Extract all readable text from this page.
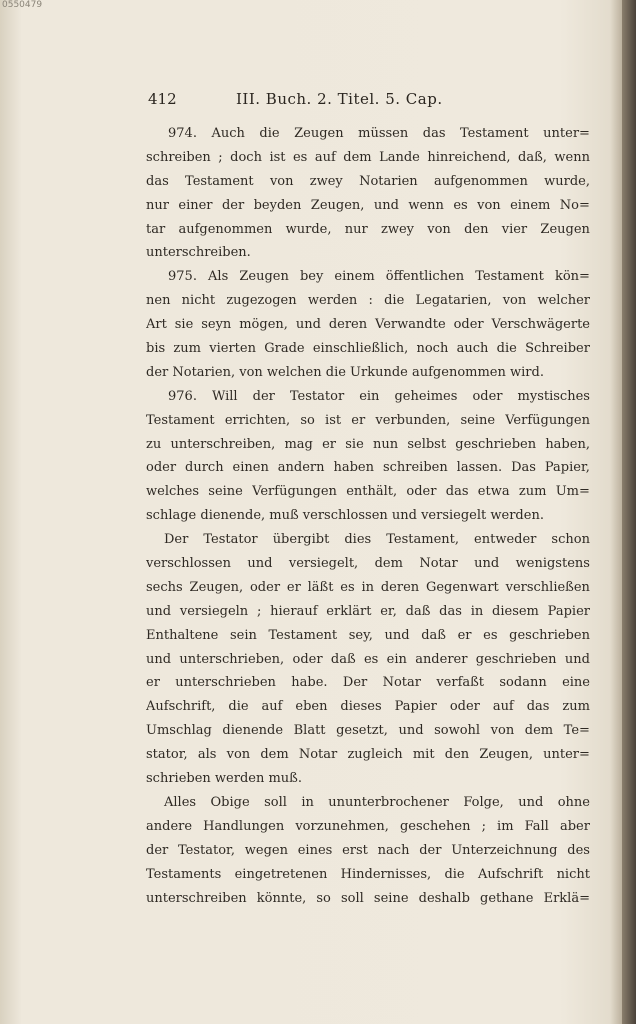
0550479
412	III. Buch. 2. Titel. 5. Cap.
974. Auch die Zeugen müssen das Testament unter=
schreiben ; doch ist es auf dem Lande hinreichend, daß, wenn
das Testament von zwey Notarien aufgenommen wurde,
nur einer der beyden Zeugen, und wenn es von einem No=
tar aufgenommen wurde, nur zwey von den vier Zeugen
unterschreiben.
975. Als Zeugen bey einem öffentlichen Testament kön=
nen nicht zugezogen werden : die Legatarien, von welcher
Art sie seyn mögen, und deren Verwandte oder Verschwägerte
bis zum vierten Grade einschließlich, noch auch die Schreiber
der Notarien, von welchen die Urkunde aufgenommen wird.
976. Will der Testator ein geheimes oder mystisches
Testament errichten, so ist er verbunden, seine Verfügungen
zu unterschreiben, mag er sie nun selbst geschrieben haben,
oder durch einen andern haben schreiben lassen. Das Papier,
welches seine Verfügungen enthält, oder das etwa zum Um=
schlage dienende, muß verschlossen und versiegelt werden.
Der Testator übergibt dies Testament, entweder schon
verschlossen und versiegelt, dem Notar und wenigstens
sechs Zeugen, oder er läßt es in deren Gegenwart verschließen
und versiegeln ; hierauf erklärt er, daß das in diesem Papier
Enthaltene sein Testament sey, und daß er es geschrieben
und unterschrieben, oder daß es ein anderer geschrieben und
er unterschrieben habe. Der Notar verfaßt sodann eine
Aufschrift, die auf eben dieses Papier oder auf das zum
Umschlag dienende Blatt gesetzt, und sowohl von dem Te=
stator, als von dem Notar zugleich mit den Zeugen, unter=
schrieben werden muß.
Alles Obige soll in ununterbrochener Folge, und ohne
andere Handlungen vorzunehmen, geschehen ; im Fall aber
der Testator, wegen eines erst nach der Unterzeichnung des
Testaments eingetretenen Hindernisses, die Aufschrift nicht
unterschreiben könnte, so soll seine deshalb gethane Erklä=
